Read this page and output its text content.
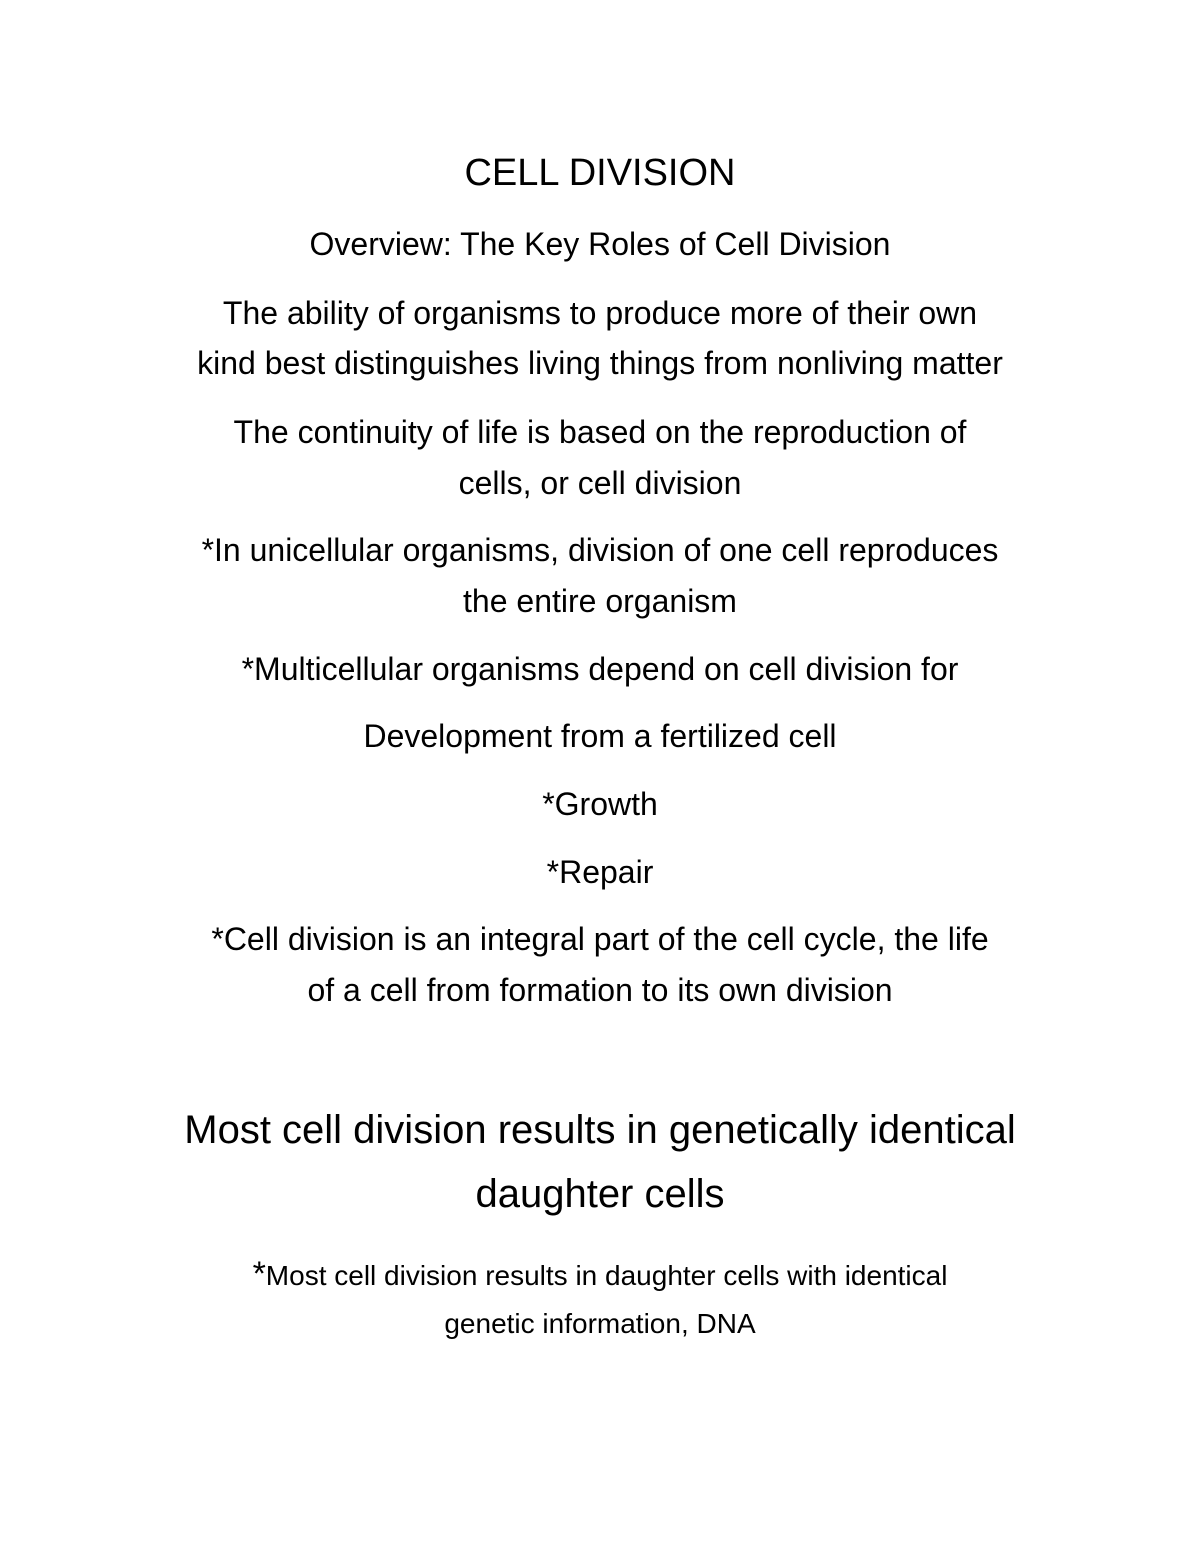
CELL DIVISION
Overview: The Key Roles of Cell Division
The ability of organisms to produce more of their own
kind best distinguishes living things from nonliving matter
The continuity of life is based on the reproduction of
cells, or cell division
*In unicellular organisms, division of one cell reproduces
the entire organism
*Multicellular organisms depend on cell division for
Development from a fertilized cell
*Growth
*Repair
*Cell division is an integral part of the cell cycle, the life
of a cell from formation to its own division
Most cell division results in genetically identical
daughter cells
*Most cell division results in daughter cells with identical
genetic information, DNA
